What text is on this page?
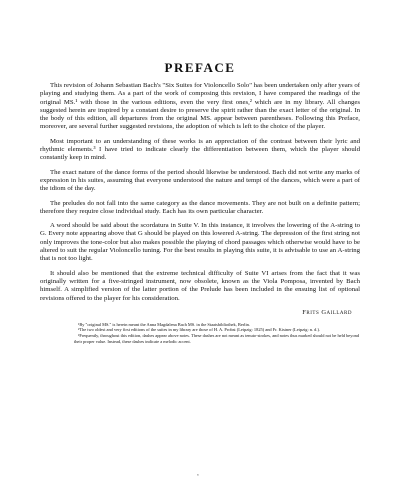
PREFACE

This revision of Johann Sebastian Bach's "Six Suites for Violoncello Solo" has been undertaken only after years of playing and studying them. As a part of the work of composing this revision, I have compared the readings of the original MS.¹ with those in the various editions, even the very first ones,² which are in my library. All changes suggested herein are inspired by a constant desire to preserve the spirit rather than the exact letter of the original. In the body of this edition, all departures from the original MS. appear between parentheses. Following this Preface, moreover, are several further suggested revisions, the adoption of which is left to the choice of the player.

Most important to an understanding of these works is an appreciation of the contrast between their lyric and rhythmic elements.³ I have tried to indicate clearly the differentiation between them, which the player should constantly keep in mind.

The exact nature of the dance forms of the period should likewise be understood. Bach did not write any marks of expression in his suites, assuming that everyone understood the nature and tempi of the dances, which were a part of the idiom of the day.

The preludes do not fall into the same category as the dance movements. They are not built on a definite pattern; therefore they require close individual study. Each has its own particular character.

A word should be said about the scordatura in Suite V. In this instance, it involves the lowering of the A-string to G. Every note appearing above that G should be played on this lowered A-string. The depression of the first string not only improves the tone-color but also makes possible the playing of chord passages which otherwise would have to be altered to suit the regular Violoncello tuning. For the best results in playing this suite, it is advisable to use an A-string that is not too light.

It should also be mentioned that the extreme technical difficulty of Suite VI arises from the fact that it was originally written for a five-stringed instrument, now obsolete, known as the Viola Pomposa, invented by Bach himself. A simplified version of the latter portion of the Prelude has been included in the ensuing list of optional revisions offered to the player for his consideration.

Frits Gaillard

¹By "original MS." is herein meant the Anna Magdalena Bach MS. in the Staatsbibliothek, Berlin.

²The two oldest and very first editions of the suites in my library are those of H. A. Probst (Leipzig: 1825) and Fr. Kistner (Leipzig: n. d.).

³Frequently, throughout this edition, dashes appear above notes. These dashes are not meant as tenuto-strokes, and notes thus marked should not be held beyond their proper value. Instead, these dashes indicate a melodic accent.

v
